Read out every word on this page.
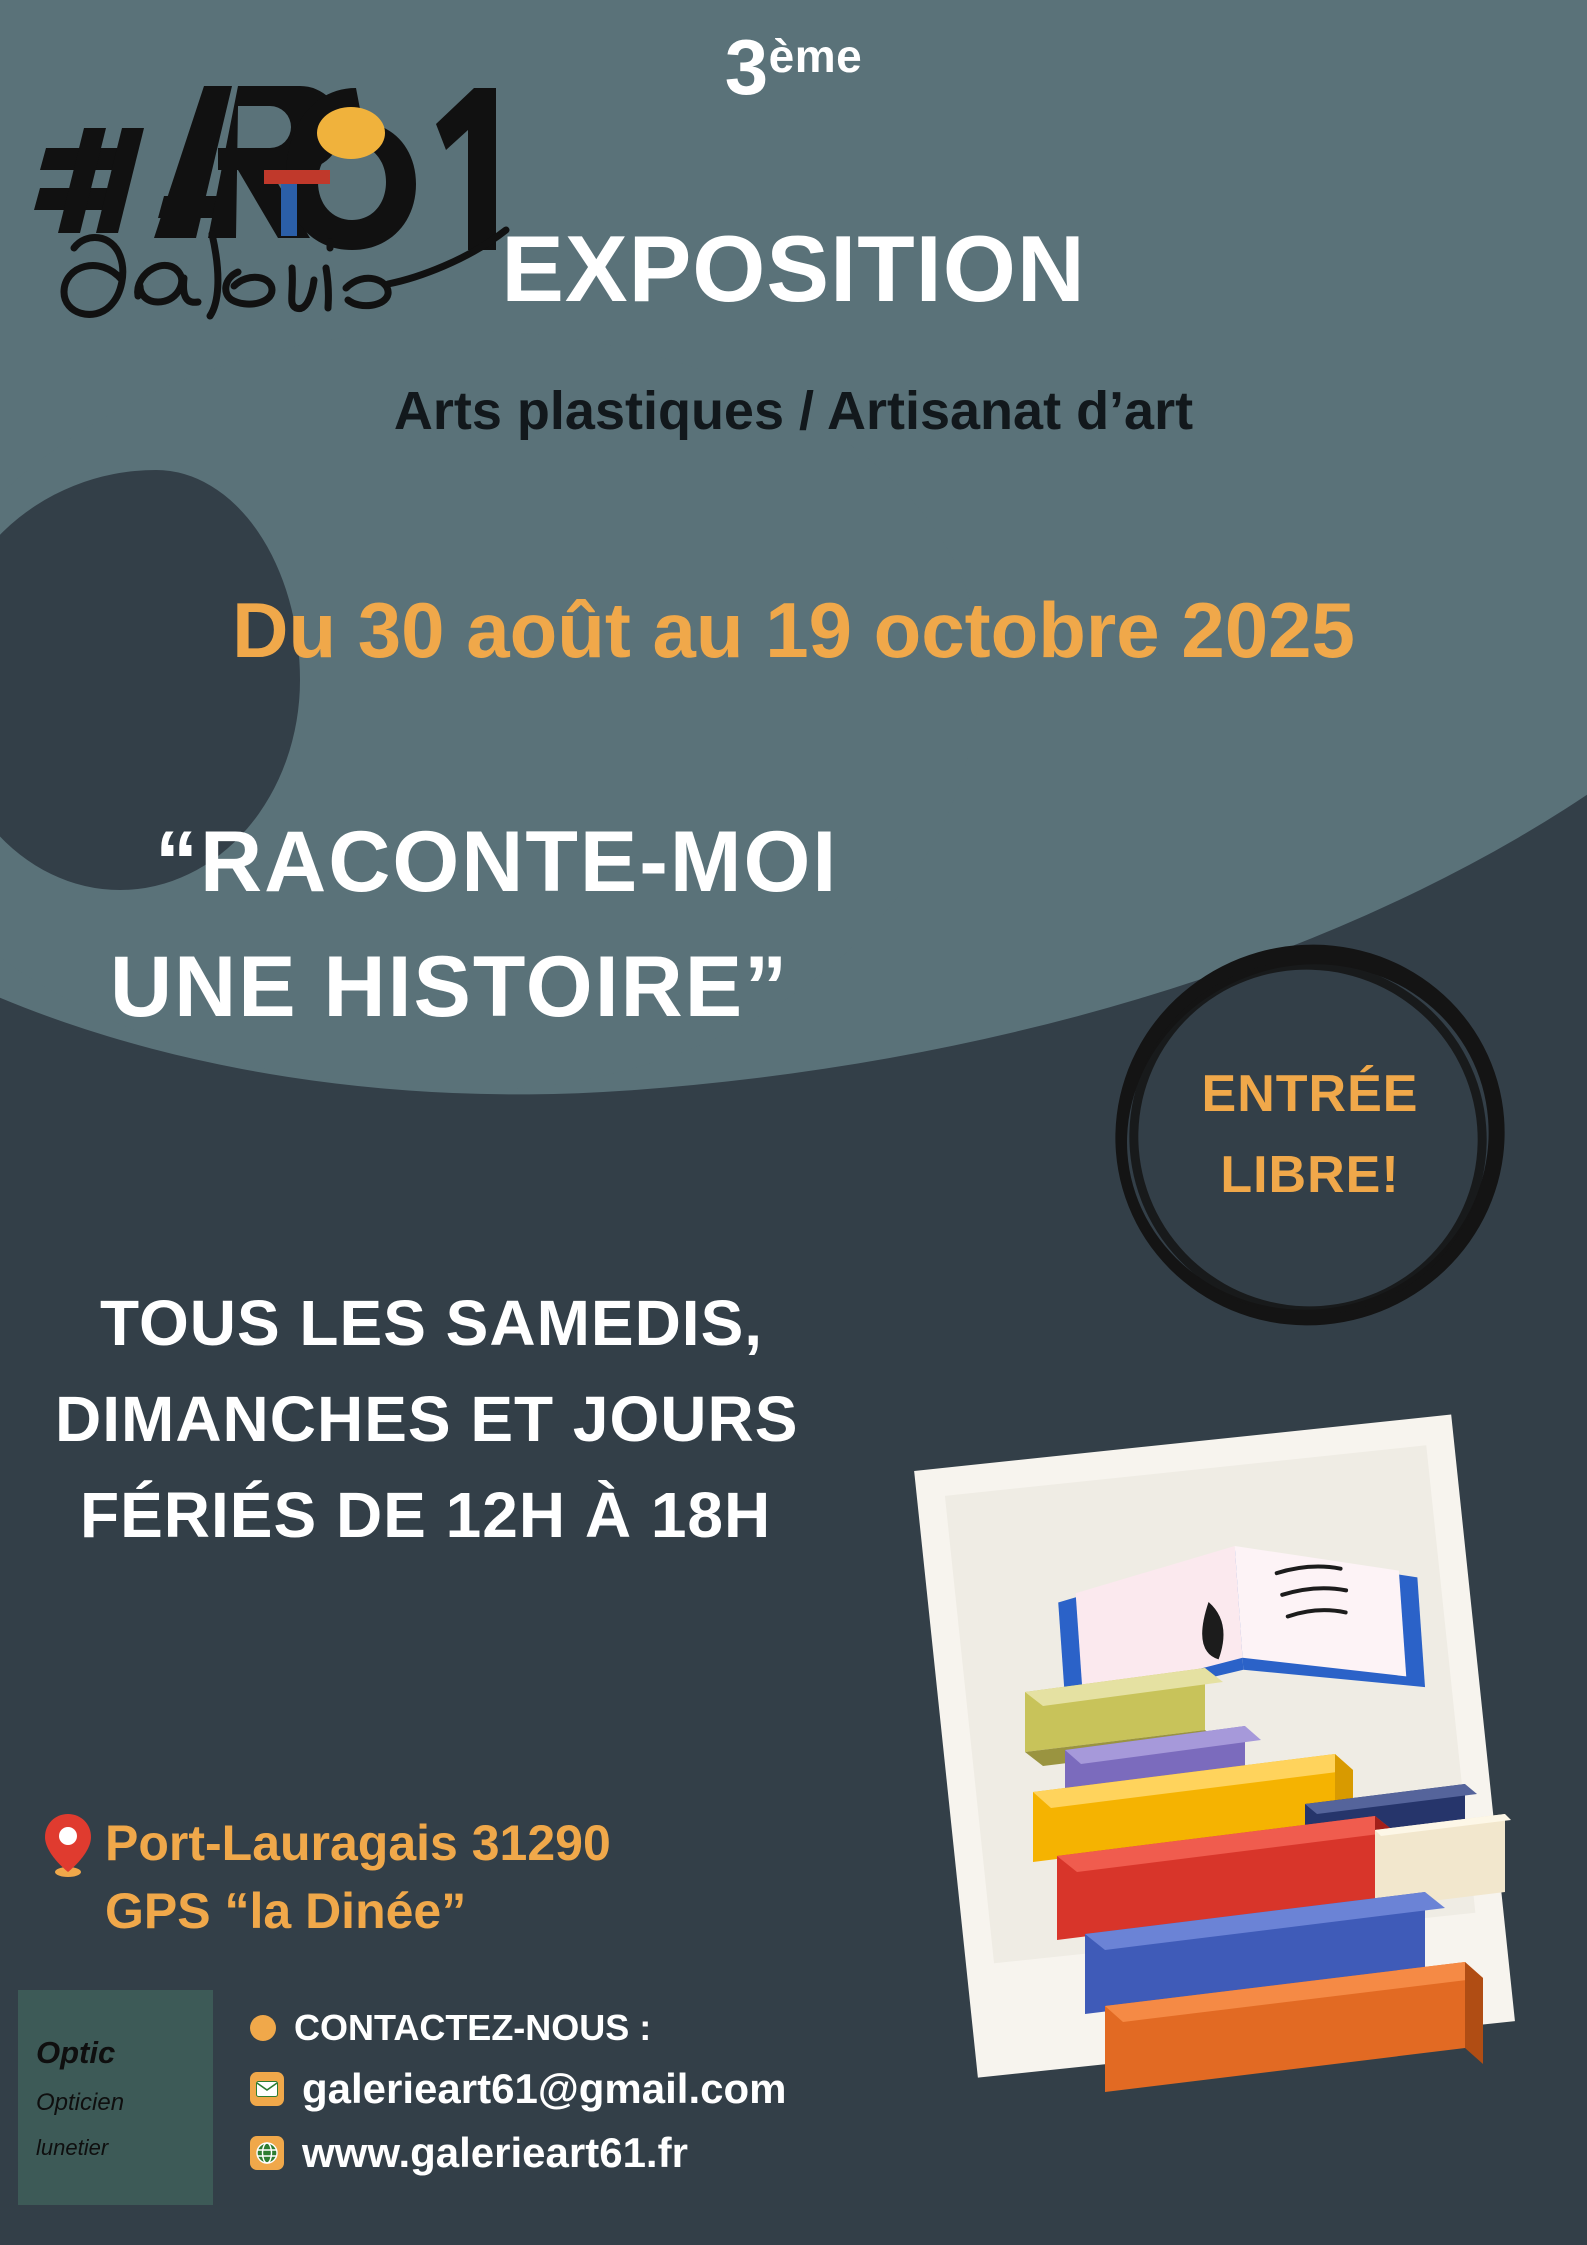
3ème
EXPOSITION
Arts plastiques / Artisanat d’art
Du 30 août au 19 octobre 2025
“RACONTE-MOI
UNE HISTOIRE”
ENTRÉE
LIBRE!
TOUS LES SAMEDIS,
DIMANCHES ET JOURS
FÉRIÉS DE 12H À 18H
Port-Lauragais 31290
GPS “la Dinée”
CONTACTEZ-NOUS :
galerieart61@gmail.com
www.galerieart61.fr
Optic
Opticien
lunetier
